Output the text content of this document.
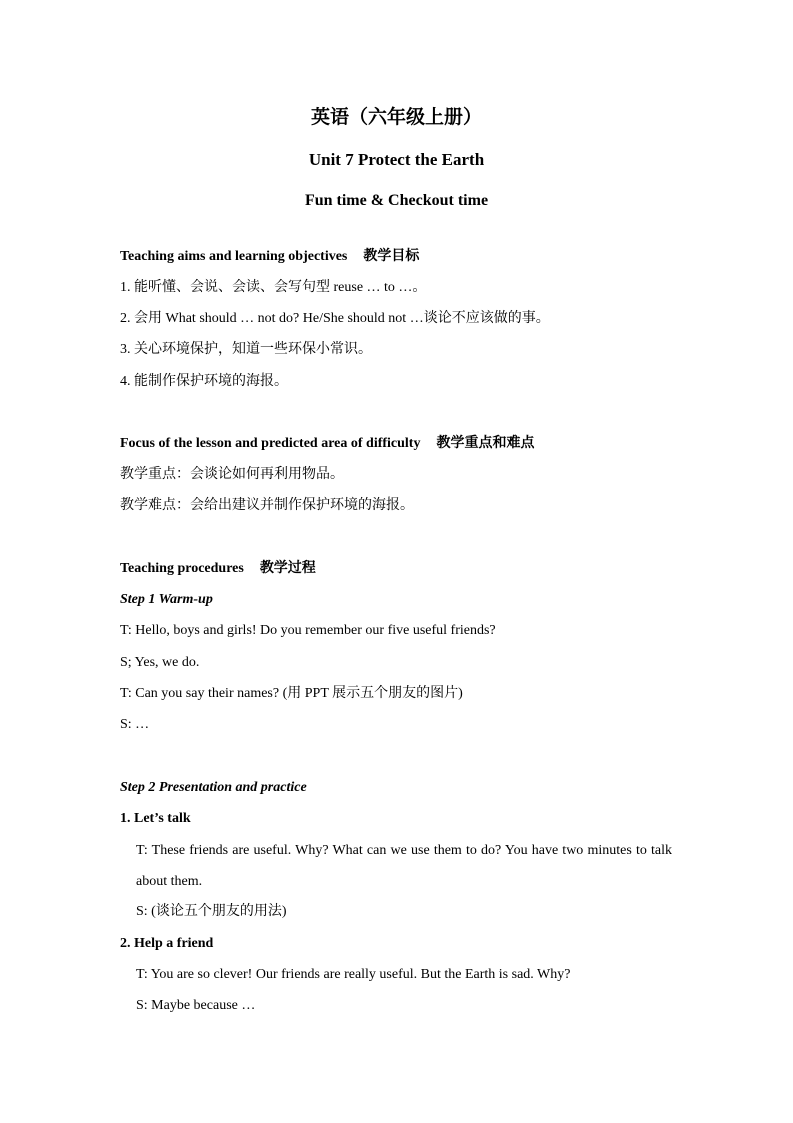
英语（六年级上册）
Unit 7 Protect the Earth
Fun time & Checkout time
Teaching aims and learning objectives 教学目标
1. 能听懂、会说、会读、会写句型 reuse … to …。
2. 会用 What should … not do? He/She should not …谈论不应该做的事。
3. 关心环境保护，知道一些环保小常识。
4. 能制作保护环境的海报。
Focus of the lesson and predicted area of difficulty 教学重点和难点
教学重点：会谈论如何再利用物品。
教学难点：会给出建议并制作保护环境的海报。
Teaching procedures 教学过程
Step 1 Warm-up
T: Hello, boys and girls! Do you remember our five useful friends?
S; Yes, we do.
T: Can you say their names? (用 PPT 展示五个朋友的图片)
S: …
Step 2 Presentation and practice
1. Let’s talk
T: These friends are useful. Why? What can we use them to do? You have two minutes to talk about them.
S: (谈论五个朋友的用法)
2. Help a friend
T: You are so clever! Our friends are really useful. But the Earth is sad. Why?
S: Maybe because …
